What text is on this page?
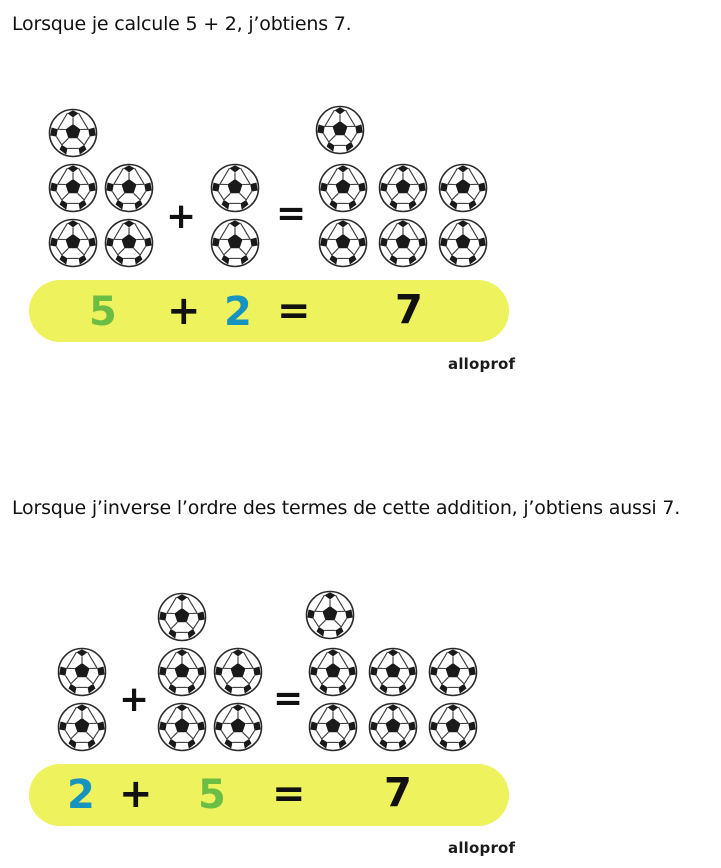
Lorsque je calcule 5 + 2, j’obtiens 7.

+ =
5 + 2 = 7
alloprof

Lorsque j’inverse l’ordre des termes de cette addition, j’obtiens aussi 7.

+	=
2 + 5 = 7
alloprof
